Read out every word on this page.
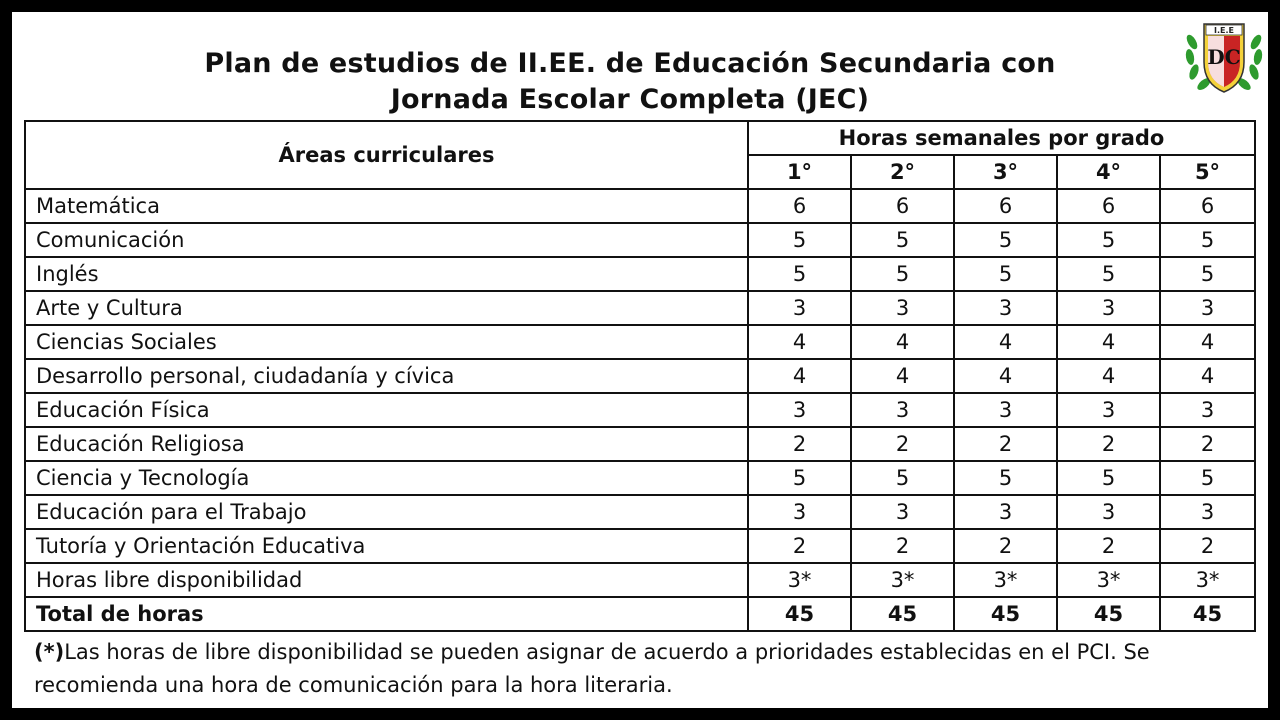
Plan de estudios de II.EE. de Educación Secundaria con
Jornada Escolar Completa (JEC)
I.E.E
DC
Áreas curriculares	Horas semanales por grado				
	1°	2°	3°	4°	5°
Matemática	6	6	6	6	6
Comunicación	5	5	5	5	5
Inglés	5	5	5	5	5
Arte y Cultura	3	3	3	3	3
Ciencias Sociales	4	4	4	4	4
Desarrollo personal, ciudadanía y cívica	4	4	4	4	4
Educación Física	3	3	3	3	3
Educación Religiosa	2	2	2	2	2
Ciencia y Tecnología	5	5	5	5	5
Educación para el Trabajo	3	3	3	3	3
Tutoría y Orientación Educativa	2	2	2	2	2
Horas libre disponibilidad	3*	3*	3*	3*	3*
Total de horas	45	45	45	45	45
(*)Las horas de libre disponibilidad se pueden asignar de acuerdo a prioridades establecidas en el PCI. Se recomienda una hora de comunicación para la hora literaria.
